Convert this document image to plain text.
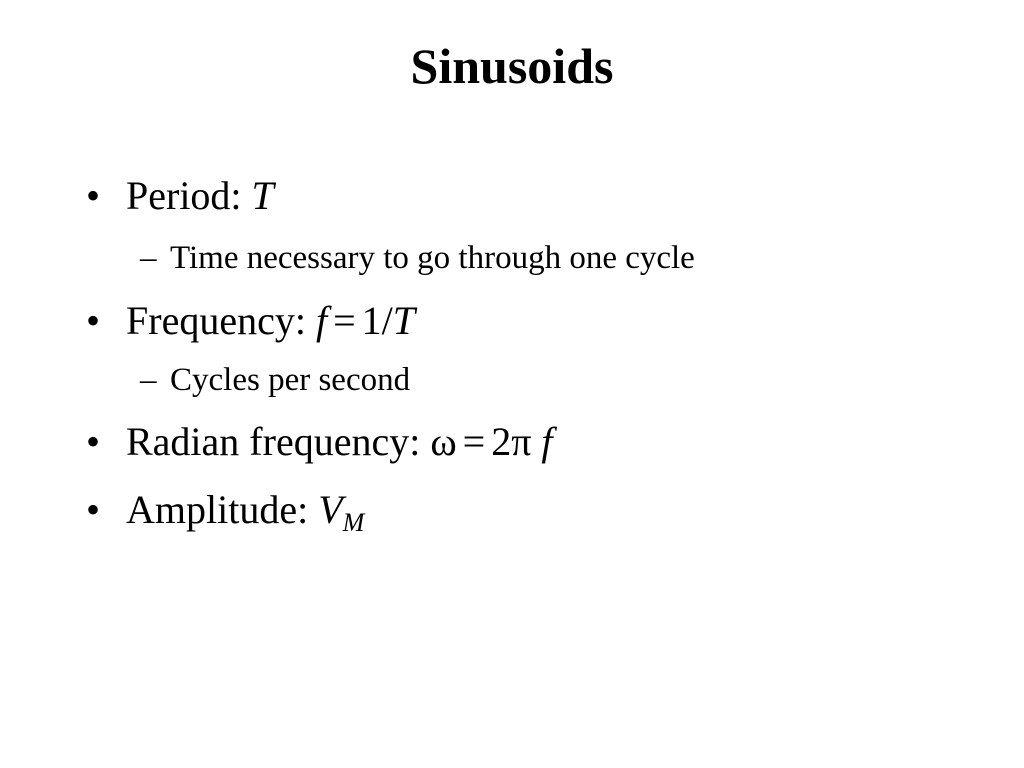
Sinusoids
• Period: T
– Time necessary to go through one cycle
• Frequency: f = 1/T
– Cycles per second
• Radian frequency: ω = 2π f
• Amplitude: $V_M$
